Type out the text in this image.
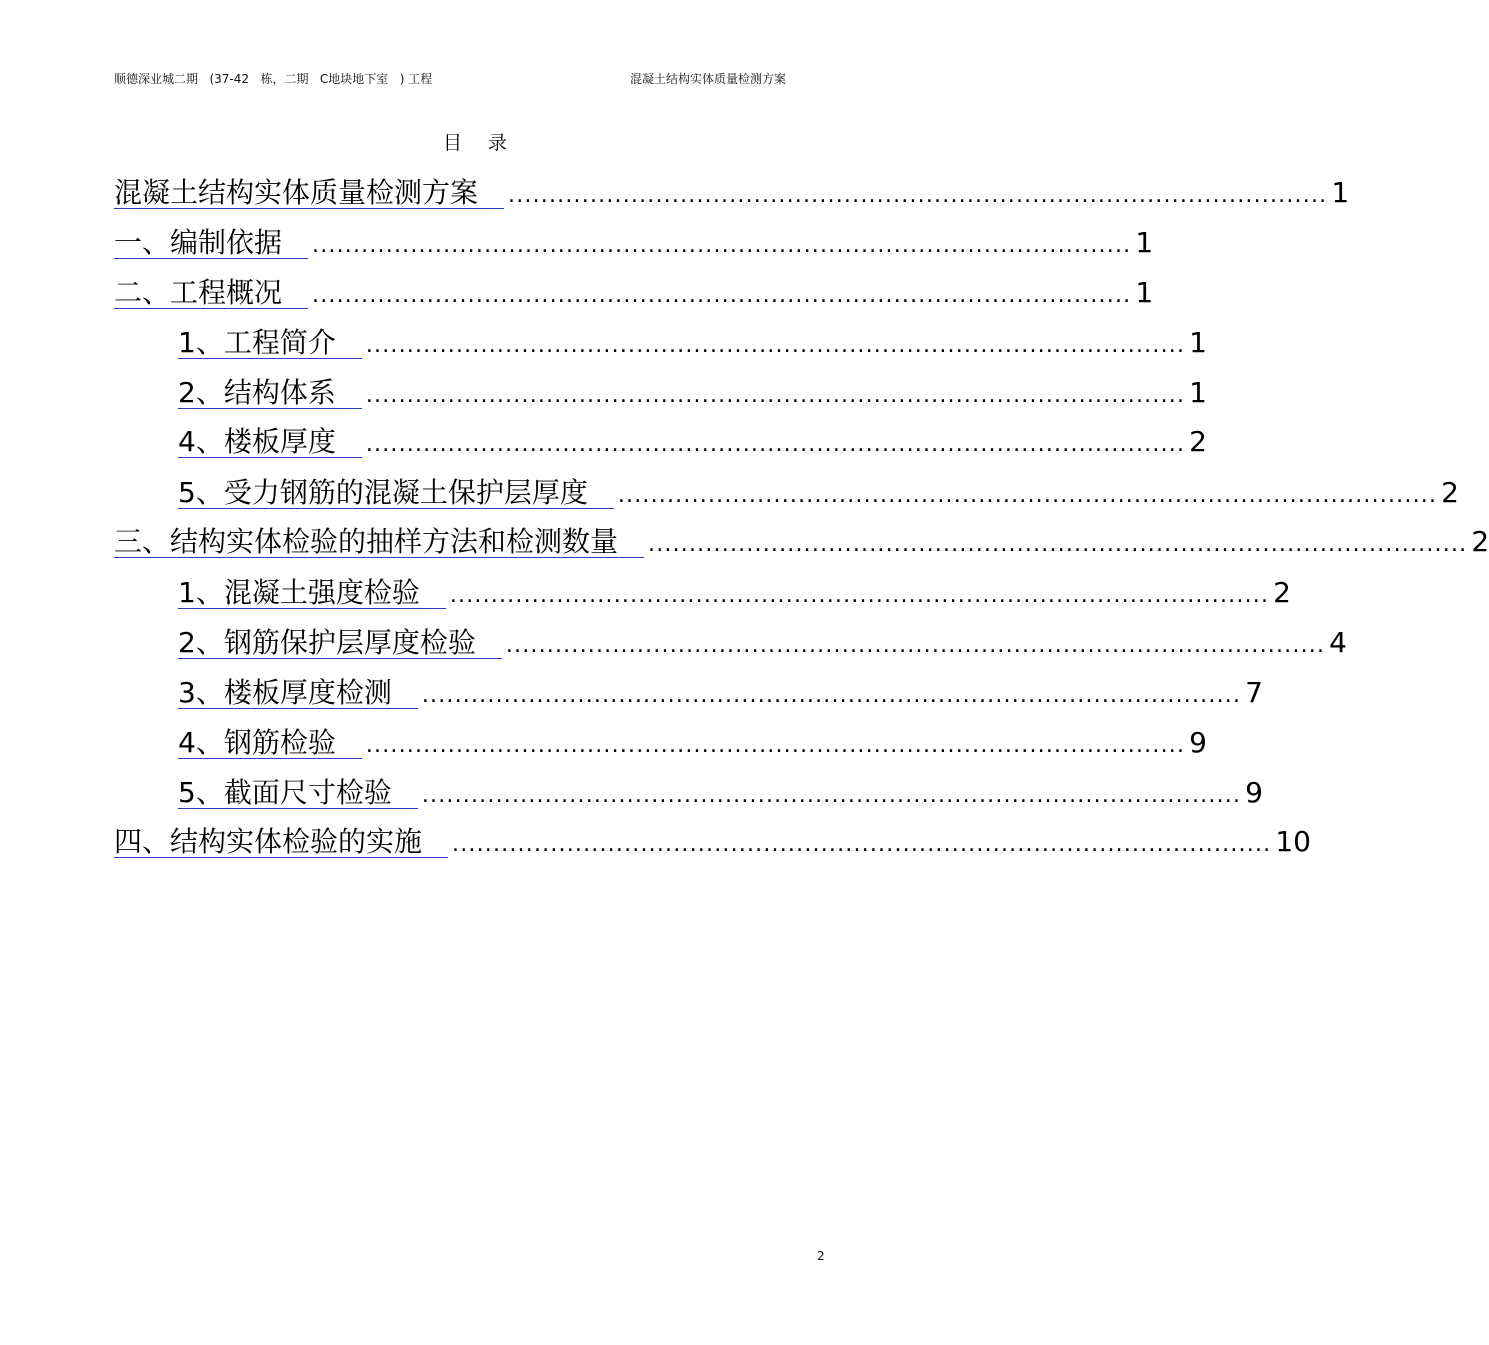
顺德深业城二期   (37-42   栋，二期   C地块地下室   ) 工程	混凝土结构实体质量检测方案
目 录
混凝土结构实体质量检测方案	.................................................................................................... 1
一、编制依据	.................................................................................................... 1
二、工程概况	.................................................................................................... 1
1、工程简介	.................................................................................................... 1
2、结构体系	.................................................................................................... 1
4、楼板厚度	.................................................................................................... 2
5、受力钢筋的混凝土保护层厚度	.................................................................................................... 2
三、结构实体检验的抽样方法和检测数量	.................................................................................................... 2
1、混凝土强度检验	.................................................................................................... 2
2、钢筋保护层厚度检验	.................................................................................................... 4
3、楼板厚度检测	.................................................................................................... 7
4、钢筋检验	.................................................................................................... 9
5、截面尺寸检验	.................................................................................................... 9
四、结构实体检验的实施	.................................................................................................... 10
2
